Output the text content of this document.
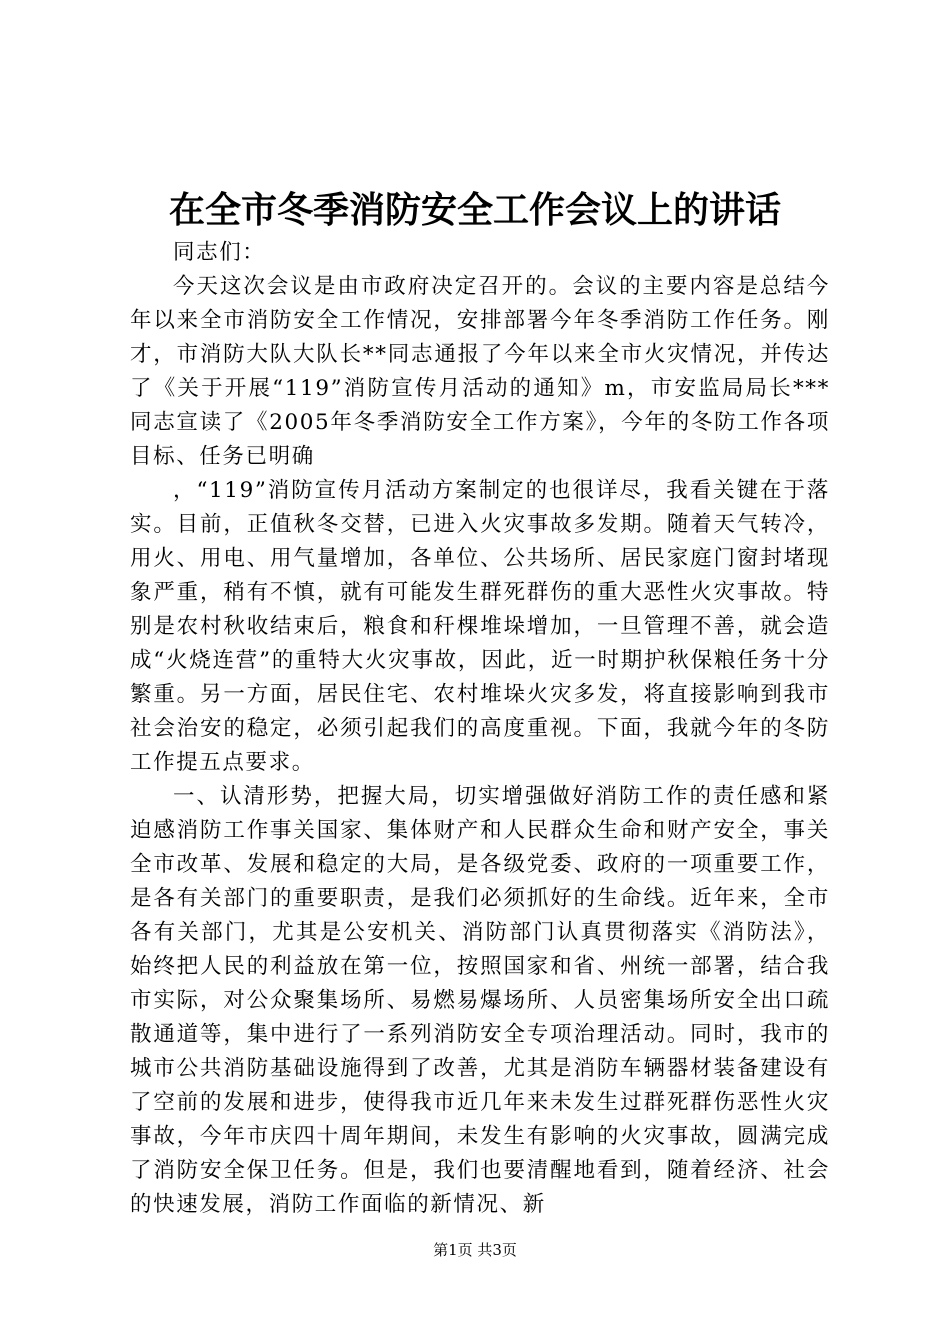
在全市冬季消防安全工作会议上的讲话

同志们：

今天这次会议是由市政府决定召开的。会议的主要内容是总结今年以来全市消防安全工作情况，安排部署今年冬季消防工作任务。刚才，市消防大队大队长**同志通报了今年以来全市火灾情况，并传达了《关于开展“119”消防宣传月活动的通知》m，市安监局局长***同志宣读了《2005年冬季消防安全工作方案》，今年的冬防工作各项目标、任务已明确

，“119”消防宣传月活动方案制定的也很详尽，我看关键在于落实。目前，正值秋冬交替，已进入火灾事故多发期。随着天气转冷，用火、用电、用气量增加，各单位、公共场所、居民家庭门窗封堵现象严重，稍有不慎，就有可能发生群死群伤的重大恶性火灾事故。特别是农村秋收结束后，粮食和秆棵堆垛增加，一旦管理不善，就会造成“火烧连营”的重特大火灾事故，因此，近一时期护秋保粮任务十分繁重。另一方面，居民住宅、农村堆垛火灾多发，将直接影响到我市社会治安的稳定，必须引起我们的高度重视。下面，我就今年的冬防工作提五点要求。

一、认清形势，把握大局，切实增强做好消防工作的责任感和紧迫感消防工作事关国家、集体财产和人民群众生命和财产安全，事关全市改革、发展和稳定的大局，是各级党委、政府的一项重要工作，是各有关部门的重要职责，是我们必须抓好的生命线。近年来，全市各有关部门，尤其是公安机关、消防部门认真贯彻落实《消防法》，始终把人民的利益放在第一位，按照国家和省、州统一部署，结合我市实际，对公众聚集场所、易燃易爆场所、人员密集场所安全出口疏散通道等，集中进行了一系列消防安全专项治理活动。同时，我市的城市公共消防基础设施得到了改善，尤其是消防车辆器材装备建设有了空前的发展和进步，使得我市近几年来未发生过群死群伤恶性火灾事故，今年市庆四十周年期间，未发生有影响的火灾事故，圆满完成了消防安全保卫任务。但是，我们也要清醒地看到，随着经济、社会的快速发展，消防工作面临的新情况、新

第1页 共3页
